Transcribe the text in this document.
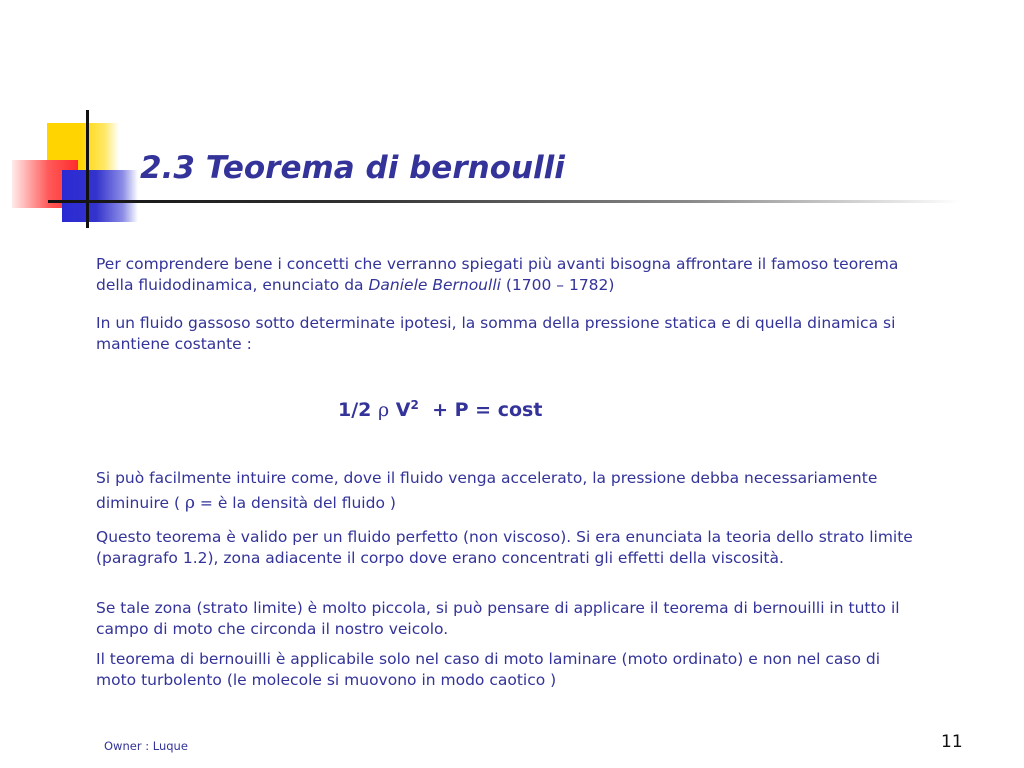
2.3 Teorema di bernoulli

Per comprendere bene i concetti che verranno spiegati più avanti bisogna affrontare il famoso teorema della fluidodinamica, enunciato da Daniele Bernoulli (1700 – 1782)

In un fluido gassoso sotto determinate ipotesi, la somma della pressione statica e di quella dinamica si mantiene costante :

1/2 ρ $V^2 + P = \cos t$

Si può facilmente intuire come, dove il fluido venga accelerato, la pressione debba necessariamente diminuire ( ρ = è la densità del fluido )

Questo teorema è valido per un fluido perfetto (non viscoso). Si era enunciata la teoria dello strato limite (paragrafo 1.2), zona adiacente il corpo dove erano concentrati gli effetti della viscosità.

Se tale zona (strato limite) è molto piccola, si può pensare di applicare il teorema di bernouilli in tutto il campo di moto che circonda il nostro veicolo.

Il teorema di bernouilli è applicabile solo nel caso di moto laminare (moto ordinato) e non nel caso di moto turbolento (le molecole si muovono in modo caotico )

Owner : Luque	11
